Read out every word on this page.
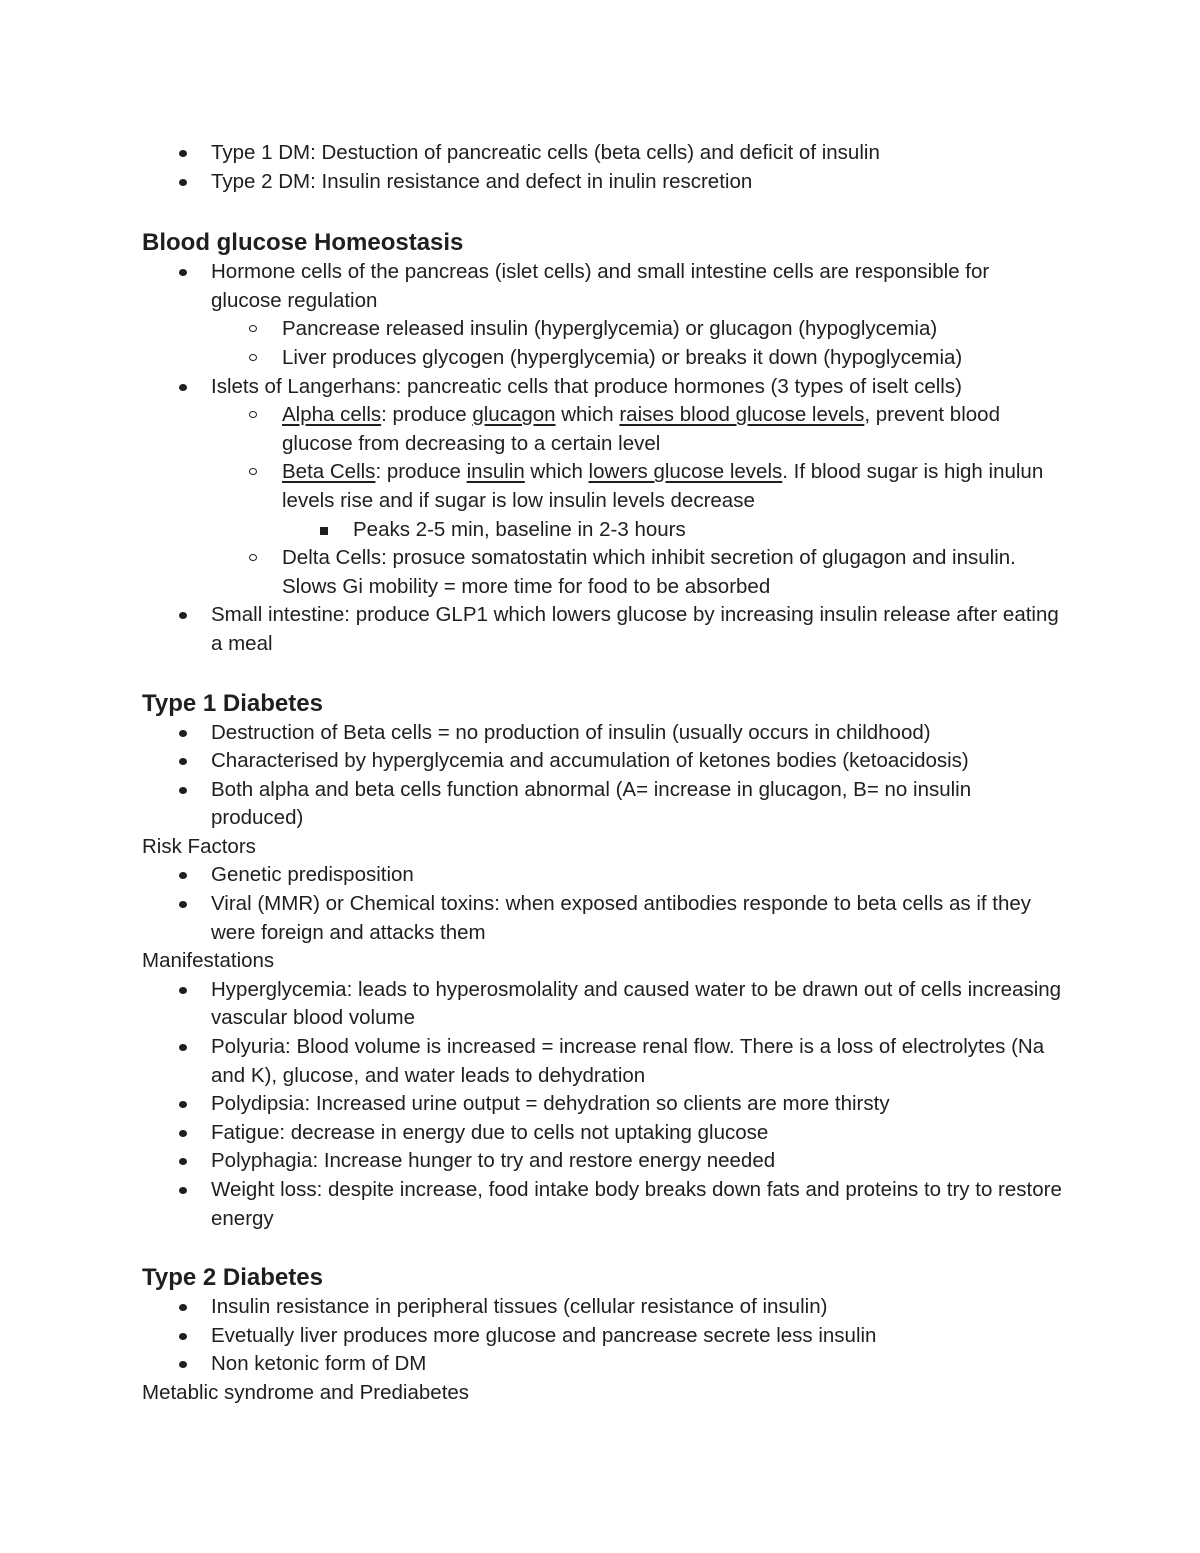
Type 1 DM: Destuction of pancreatic cells (beta cells) and deficit of insulin
Type 2 DM: Insulin resistance and defect in inulin rescretion
Blood glucose Homeostasis
Hormone cells of the pancreas (islet cells) and small intestine cells are responsible for glucose regulation
Pancrease released insulin (hyperglycemia) or glucagon (hypoglycemia)
Liver produces glycogen (hyperglycemia) or breaks it down (hypoglycemia)
Islets of Langerhans: pancreatic cells that produce hormones (3 types of iselt cells)
Alpha cells: produce glucagon which raises blood glucose levels, prevent blood glucose from decreasing to a certain level
Beta Cells: produce insulin which lowers glucose levels. If blood sugar is high inulun levels rise and if sugar is low insulin levels decrease
Peaks 2-5 min, baseline in 2-3 hours
Delta Cells: prosuce somatostatin which inhibit secretion of glugagon and insulin. Slows Gi mobility = more time for food to be absorbed
Small intestine: produce GLP1 which lowers glucose by increasing insulin release after eating a meal
Type 1 Diabetes
Destruction of Beta cells = no production of insulin (usually occurs in childhood)
Characterised by hyperglycemia and accumulation of ketones bodies (ketoacidosis)
Both alpha and beta cells function abnormal (A= increase in glucagon, B= no insulin produced)

Risk Factors

Genetic predisposition
Viral (MMR) or Chemical toxins: when exposed antibodies responde to beta cells as if they were foreign and attacks them

Manifestations

Hyperglycemia: leads to hyperosmolality and caused water to be drawn out of cells increasing vascular blood volume
Polyuria: Blood volume is increased = increase renal flow. There is a loss of electrolytes (Na and K), glucose, and water leads to dehydration
Polydipsia: Increased urine output = dehydration so clients are more thirsty
Fatigue: decrease in energy due to cells not uptaking glucose
Polyphagia: Increase hunger to try and restore energy needed
Weight loss: despite increase, food intake body breaks down fats and proteins to try to restore energy
Type 2 Diabetes
Insulin resistance in peripheral tissues (cellular resistance of insulin)
Evetually liver produces more glucose and pancrease secrete less insulin
Non ketonic form of DM

Metablic syndrome and Prediabetes
